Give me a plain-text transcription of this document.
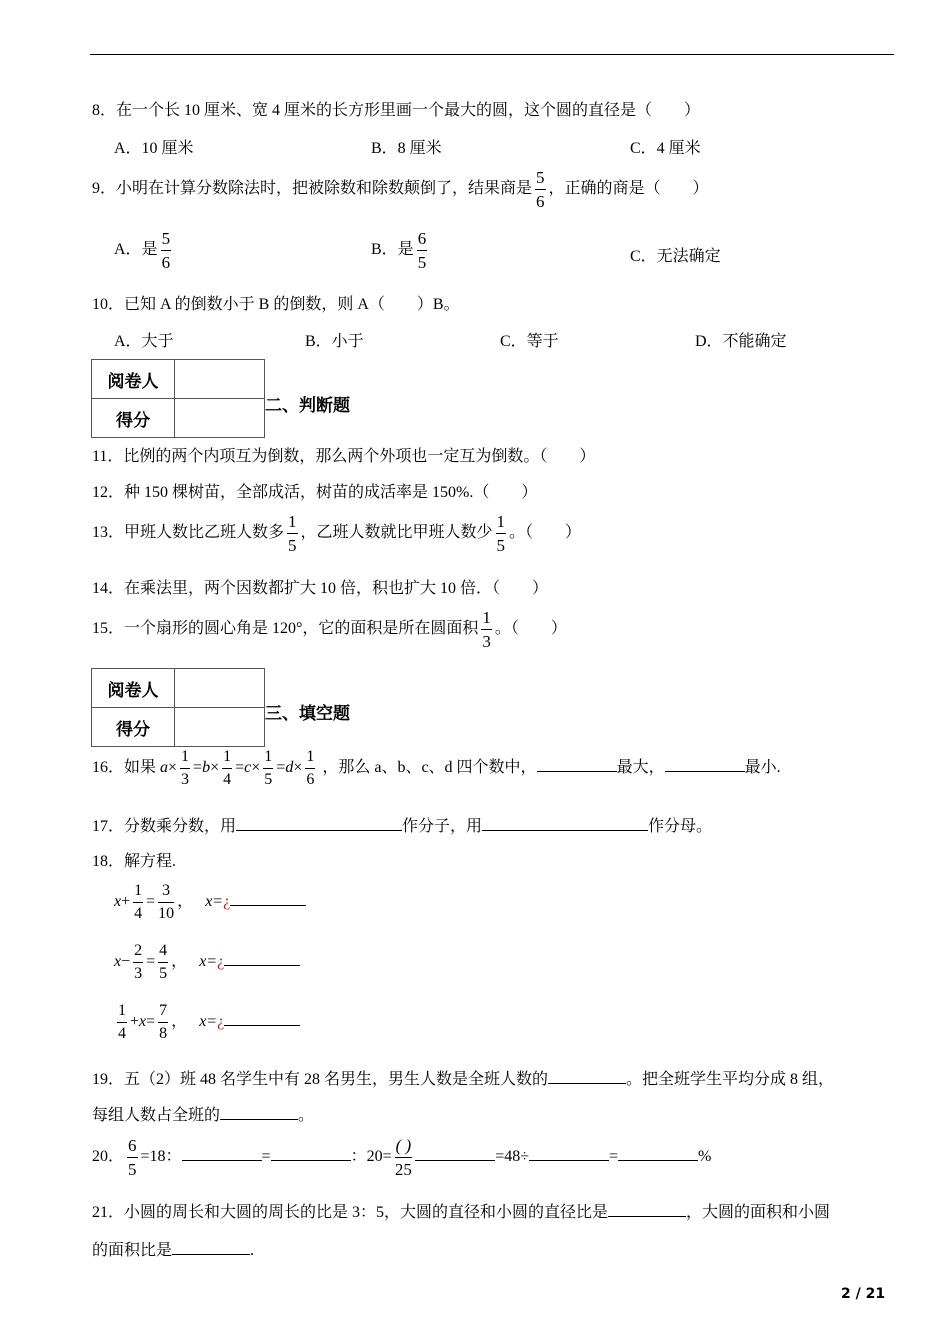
8．在一个长 10 厘米、宽 4 厘米的长方形里画一个最大的圆，这个圆的直径是（　　）
A．10 厘米	B．8 厘米	C．4 厘米
9．小明在计算分数除法时，把被除数和除数颠倒了，结果商是 $\frac{5}{6}$ ，正确的商是（　　）
A．是 $\frac{5}{6}$	B．是 $\frac{6}{5}$	C．无法确定
10．已知 A 的倒数小于 B 的倒数，则 A（　　）B。
A．大于	B．小于	C．等于	D．不能确定
阅卷人	
得分	
二、判断题
11．比例的两个内项互为倒数，那么两个外项也一定互为倒数。（　　）
12．种 150 棵树苗，全部成活，树苗的成活率是 150%.（　　）
13．甲班人数比乙班人数多 $\frac{1}{5}$ ，乙班人数就比甲班人数少 $\frac{1}{5}$ 。（　　）
14．在乘法里，两个因数都扩大 10 倍，积也扩大 10 倍．（　　）
15．一个扇形的圆心角是 120°，它的面积是所在圆面积 $\frac{1}{3}$ 。（　　）
阅卷人	
得分	
三、填空题
16．如果 $a\times \frac{1}{3} =b\times \frac{1}{4} =c\times \frac{1}{5} =d\times \frac{1}{6}$ ，那么 a、b、c、d 四个数中，	最大，	最小.
17．分数乘分数，用	作分子，用	作分母。
18．解方程.
$x+ \frac{1}{4} = \frac{3}{10}$ ， x=¿
$x- \frac{2}{3} = \frac{4}{5}$ ， x=¿
$\frac{1}{4} +x= \frac{7}{8}$ ， x=¿
19．五（2）班 48 名学生中有 28 名男生，男生人数是全班人数的	。把全班学生平均分成 8 组，
每组人数占全班的	。
20． $\frac{6}{5} =18$：	=	：$20= \frac{( )}{25}$	=48÷	=	%
21．小圆的周长和大圆的周长的比是 3：5，大圆的直径和小圆的直径比是	，大圆的面积和小圆
的面积比是	.
2 / 21
